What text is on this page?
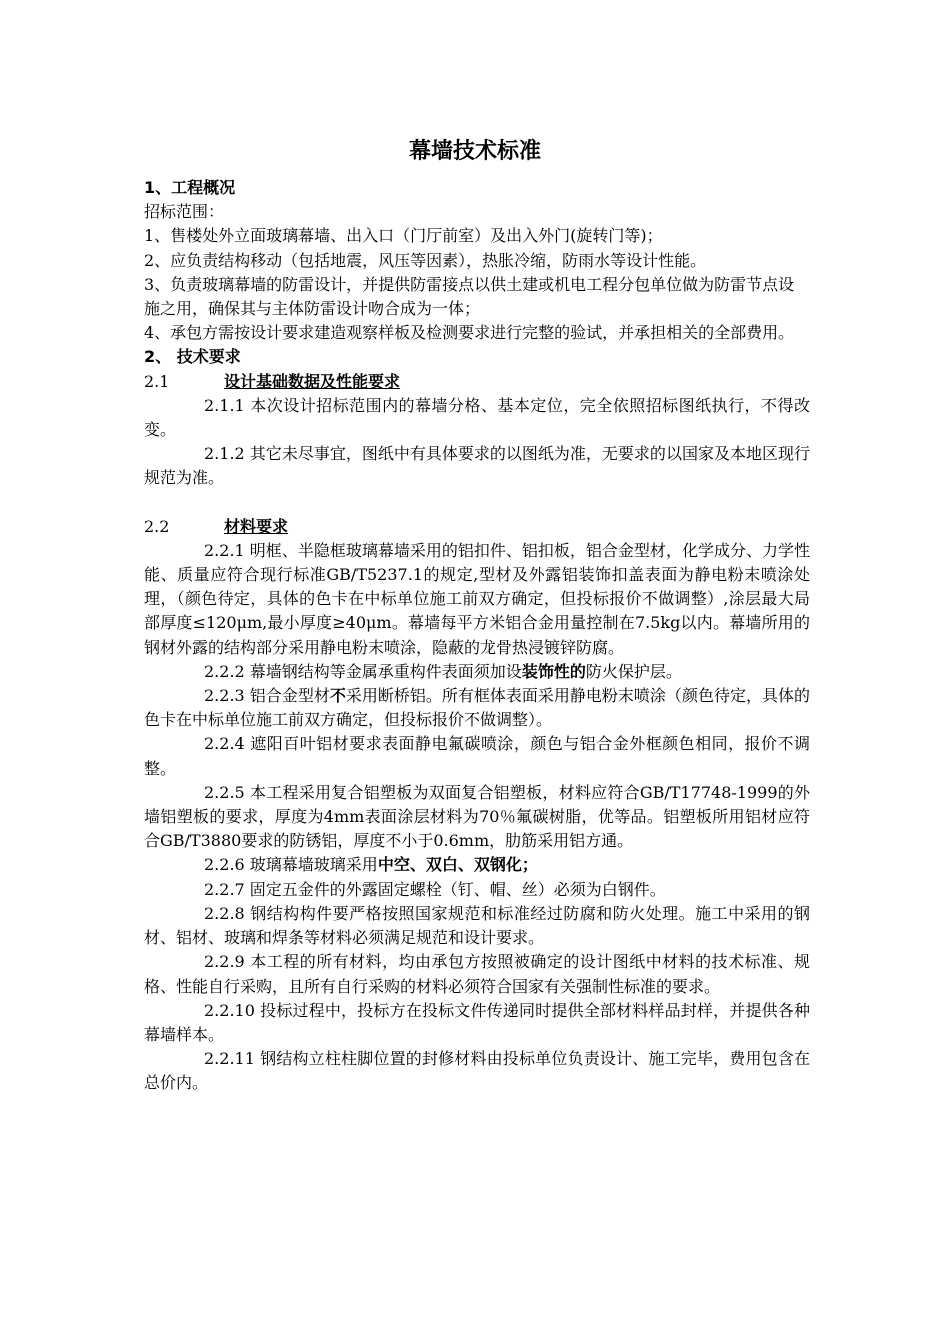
幕墙技术标准

1、工程概况

招标范围：

1、售楼处外立面玻璃幕墙、出入口（门厅前室）及出入外门(旋转门等)；

2、应负责结构移动（包括地震，风压等因素），热胀冷缩，防雨水等设计性能。

3、负责玻璃幕墙的防雷设计，并提供防雷接点以供土建或机电工程分包单位做为防雷节点设施之用，确保其与主体防雷设计吻合成为一体；

4、承包方需按设计要求建造观察样板及检测要求进行完整的验试，并承担相关的全部费用。

2、 技术要求

2.1	设计基础数据及性能要求

2.1.1 本次设计招标范围内的幕墙分格、基本定位，完全依照招标图纸执行，不得改变。

2.1.2 其它未尽事宜，图纸中有具体要求的以图纸为准，无要求的以国家及本地区现行规范为准。

2.2	材料要求

2.2.1 明框、半隐框玻璃幕墙采用的铝扣件、铝扣板，铝合金型材，化学成分、力学性能、质量应符合现行标准GB/T5237.1的规定,型材及外露铝装饰扣盖表面为静电粉末喷涂处理，（颜色待定，具体的色卡在中标单位施工前双方确定，但投标报价不做调整）,涂层最大局部厚度≤120μm,最小厚度≥40μm。幕墙每平方米铝合金用量控制在7.5kg以内。幕墙所用的钢材外露的结构部分采用静电粉末喷涂，隐蔽的龙骨热浸镀锌防腐。

2.2.2 幕墙钢结构等金属承重构件表面须加设装饰性的防火保护层。

2.2.3 铝合金型材不采用断桥铝。所有框体表面采用静电粉末喷涂（颜色待定，具体的色卡在中标单位施工前双方确定，但投标报价不做调整）。

2.2.4 遮阳百叶铝材要求表面静电氟碳喷涂，颜色与铝合金外框颜色相同，报价不调整。

2.2.5 本工程采用复合铝塑板为双面复合铝塑板，材料应符合GB/T17748-1999的外墙铝塑板的要求，厚度为4mm表面涂层材料为70％氟碳树脂，优等品。铝塑板所用铝材应符合GB/T3880要求的防锈铝，厚度不小于0.6mm，肋筋采用铝方通。

2.2.6 玻璃幕墙玻璃采用中空、双白、双钢化；

2.2.7 固定五金件的外露固定螺栓（钉、帽、丝）必须为白钢件。

2.2.8 钢结构构件要严格按照国家规范和标准经过防腐和防火处理。施工中采用的钢材、铝材、玻璃和焊条等材料必须满足规范和设计要求。

2.2.9 本工程的所有材料，均由承包方按照被确定的设计图纸中材料的技术标准、规格、性能自行采购，且所有自行采购的材料必须符合国家有关强制性标准的要求。

2.2.10 投标过程中，投标方在投标文件传递同时提供全部材料样品封样，并提供各种幕墙样本。

2.2.11 钢结构立柱柱脚位置的封修材料由投标单位负责设计、施工完毕，费用包含在总价内。
